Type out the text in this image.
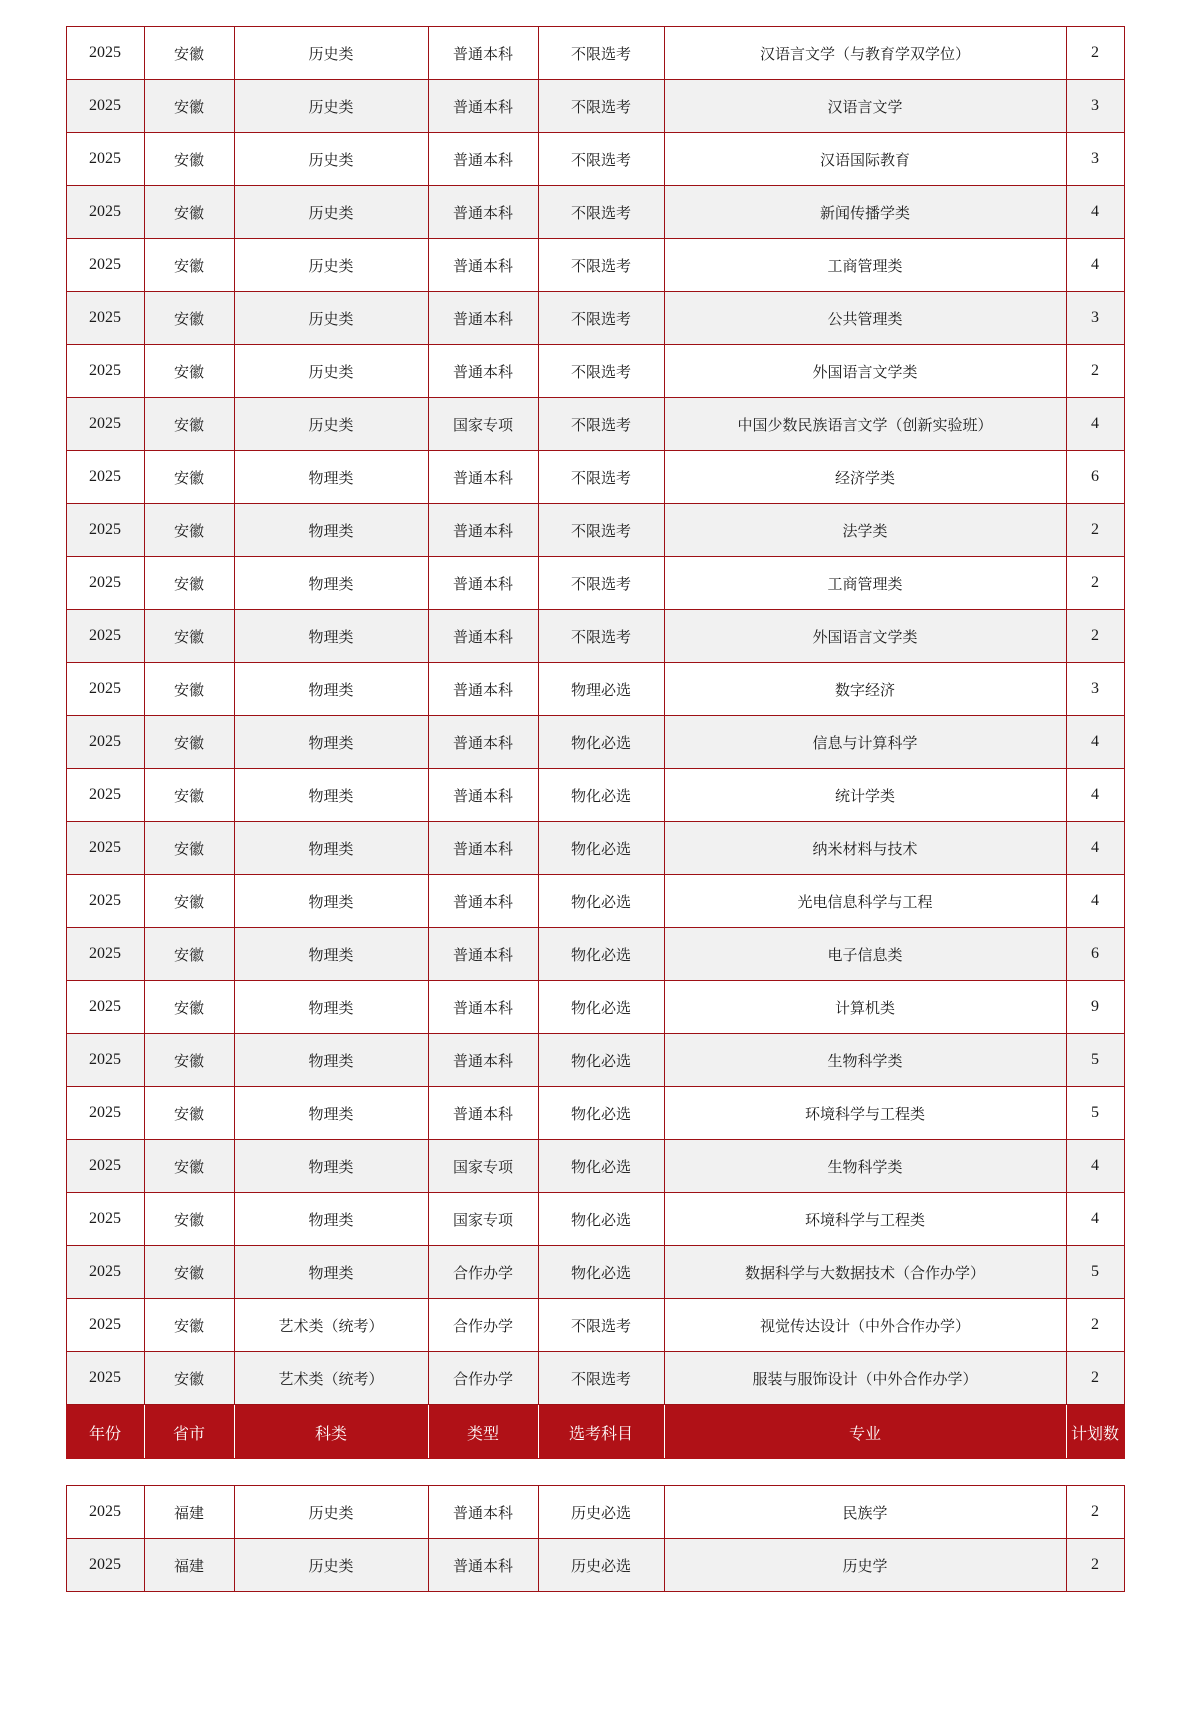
2025	安徽	历史类	普通本科	不限选考	汉语言文学（与教育学双学位）	2
2025	安徽	历史类	普通本科	不限选考	汉语言文学	3
2025	安徽	历史类	普通本科	不限选考	汉语国际教育	3
2025	安徽	历史类	普通本科	不限选考	新闻传播学类	4
2025	安徽	历史类	普通本科	不限选考	工商管理类	4
2025	安徽	历史类	普通本科	不限选考	公共管理类	3
2025	安徽	历史类	普通本科	不限选考	外国语言文学类	2
2025	安徽	历史类	国家专项	不限选考	中国少数民族语言文学（创新实验班）	4
2025	安徽	物理类	普通本科	不限选考	经济学类	6
2025	安徽	物理类	普通本科	不限选考	法学类	2
2025	安徽	物理类	普通本科	不限选考	工商管理类	2
2025	安徽	物理类	普通本科	不限选考	外国语言文学类	2
2025	安徽	物理类	普通本科	物理必选	数字经济	3
2025	安徽	物理类	普通本科	物化必选	信息与计算科学	4
2025	安徽	物理类	普通本科	物化必选	统计学类	4
2025	安徽	物理类	普通本科	物化必选	纳米材料与技术	4
2025	安徽	物理类	普通本科	物化必选	光电信息科学与工程	4
2025	安徽	物理类	普通本科	物化必选	电子信息类	6
2025	安徽	物理类	普通本科	物化必选	计算机类	9
2025	安徽	物理类	普通本科	物化必选	生物科学类	5
2025	安徽	物理类	普通本科	物化必选	环境科学与工程类	5
2025	安徽	物理类	国家专项	物化必选	生物科学类	4
2025	安徽	物理类	国家专项	物化必选	环境科学与工程类	4
2025	安徽	物理类	合作办学	物化必选	数据科学与大数据技术（合作办学）	5
2025	安徽	艺术类（统考）	合作办学	不限选考	视觉传达设计（中外合作办学）	2
2025	安徽	艺术类（统考）	合作办学	不限选考	服装与服饰设计（中外合作办学）	2
年份	省市	科类	类型	选考科目	专业	计划数
2025	福建	历史类	普通本科	历史必选	民族学	2
2025	福建	历史类	普通本科	历史必选	历史学	2
